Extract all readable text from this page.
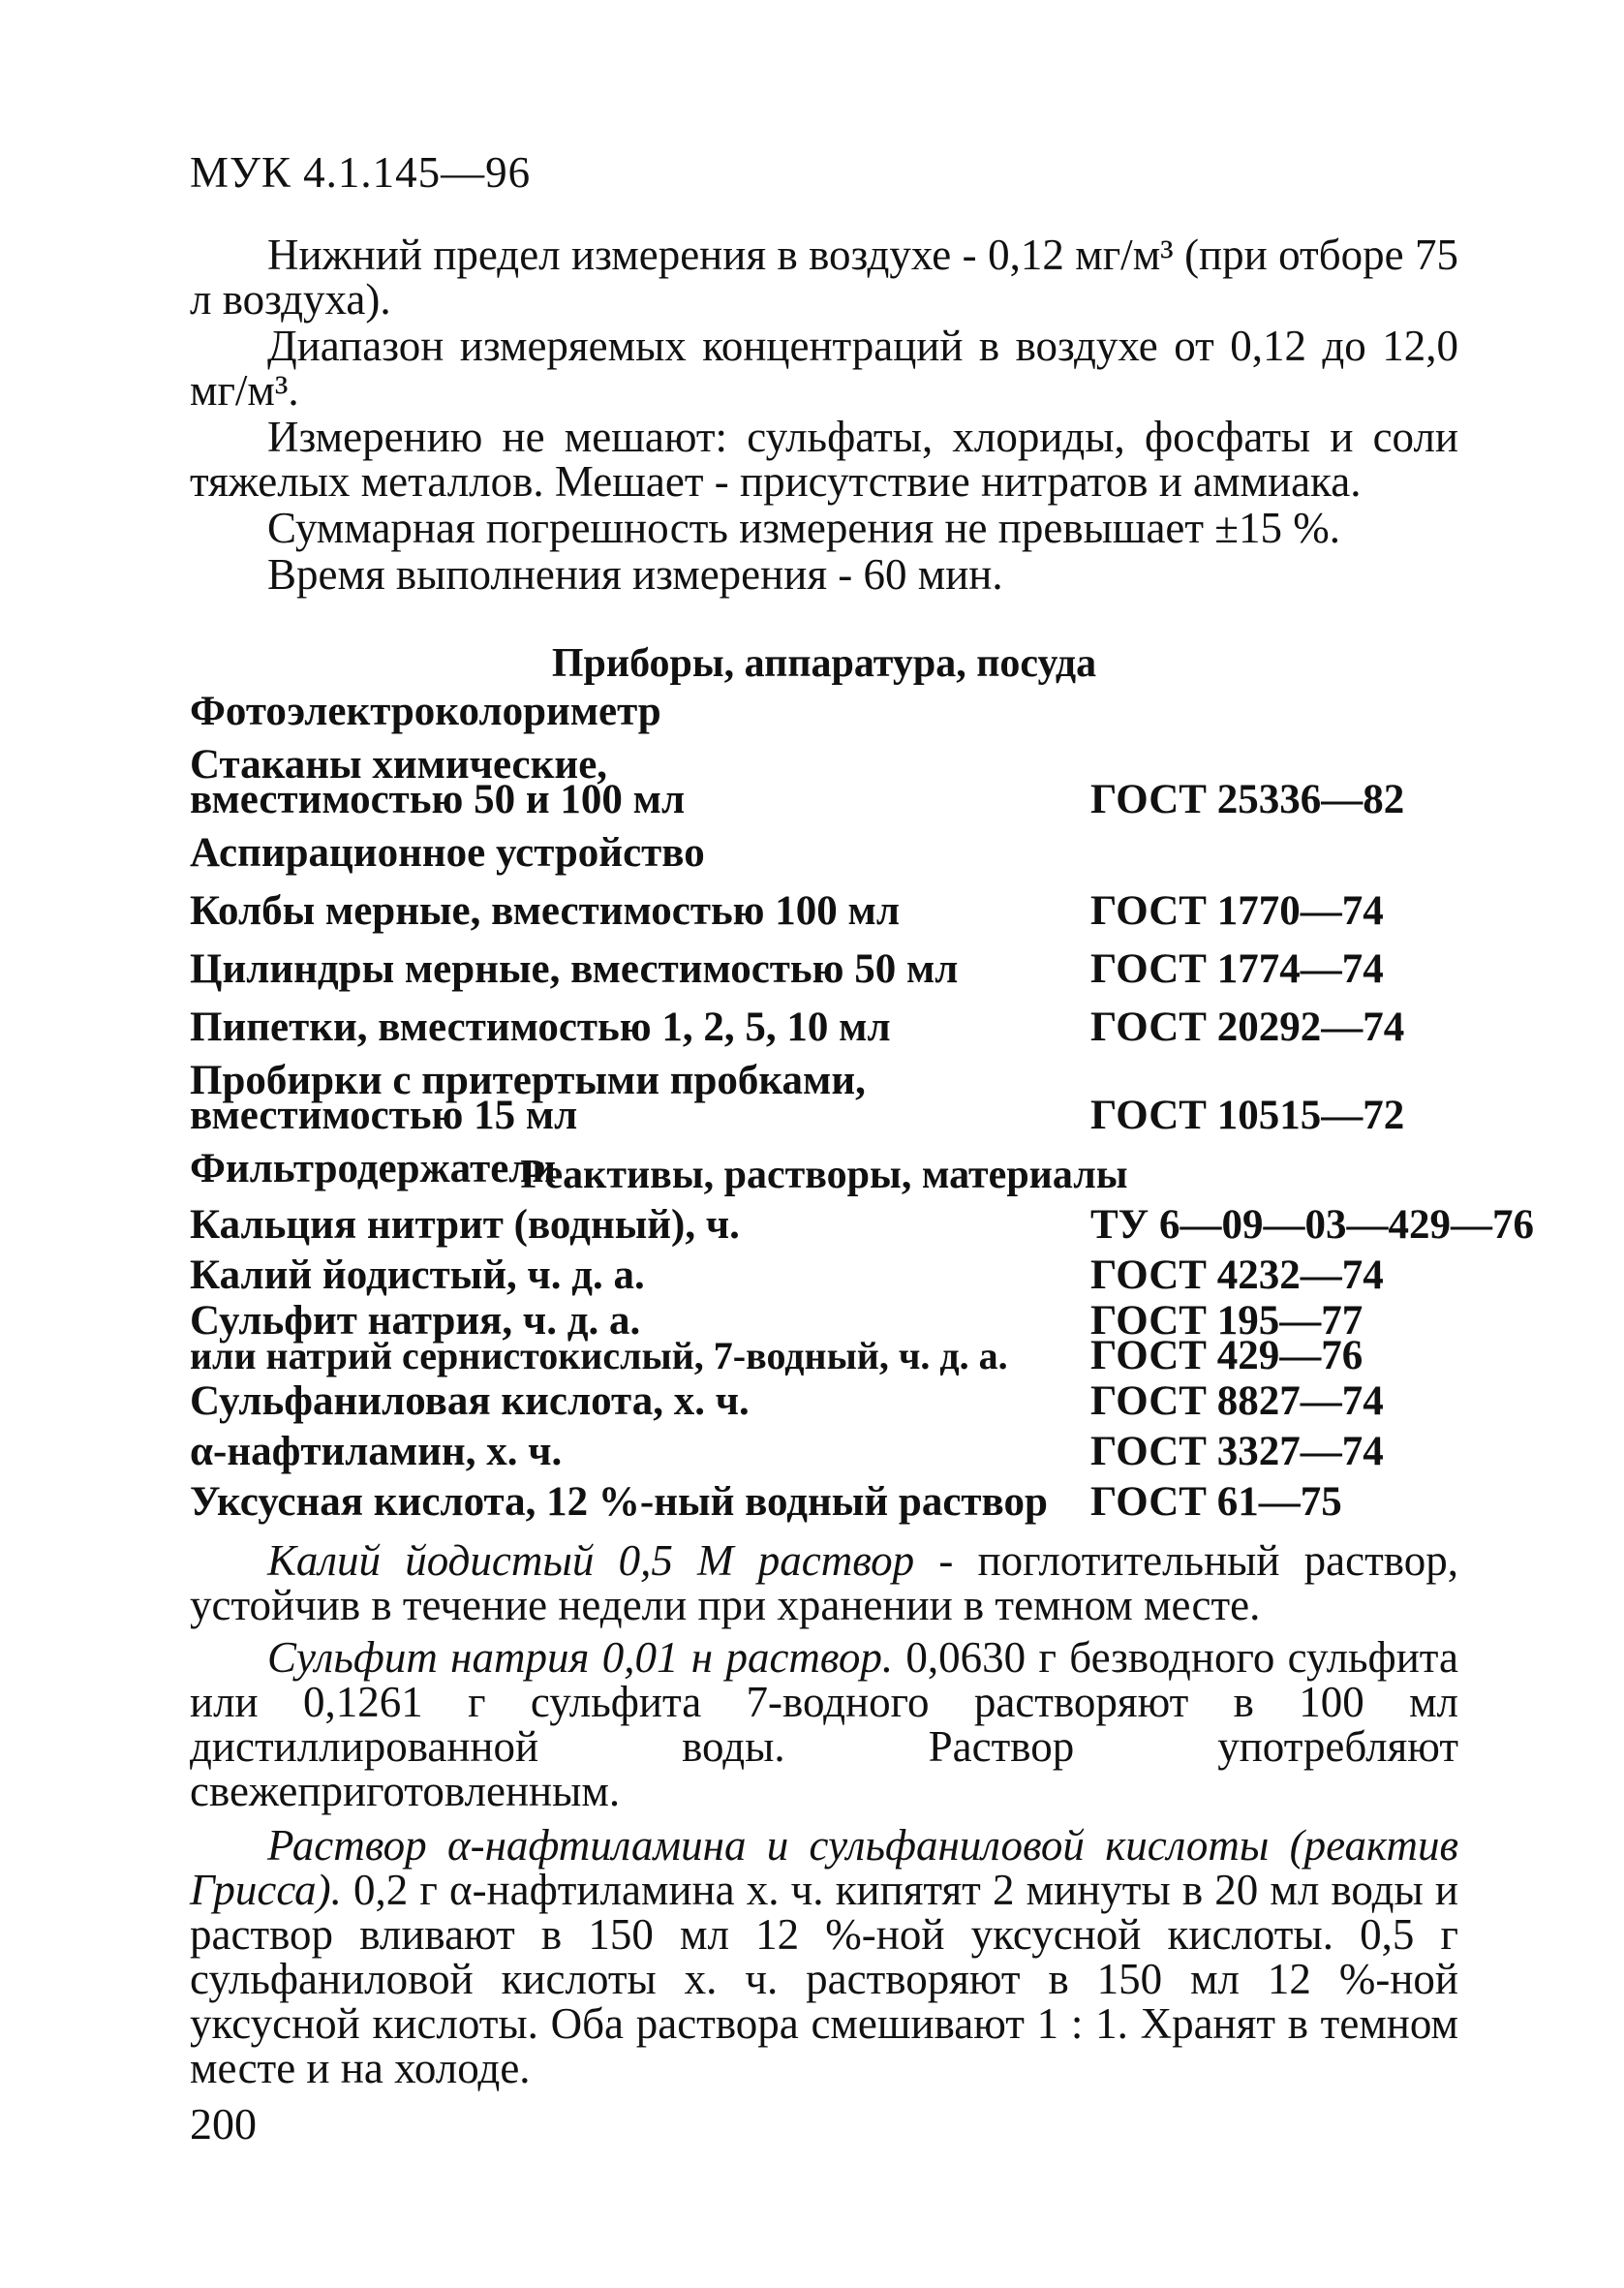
МУК 4.1.145—96
Нижний предел измерения в воздухе - 0,12 мг/м³ (при отборе 75 л воздуха).
Диапазон измеряемых концентраций в воздухе от 0,12 до 12,0 мг/м³.
Измерению не мешают: сульфаты, хлориды, фосфаты и соли тяжелых металлов. Мешает - присутствие нитратов и аммиака.
Суммарная погрешность измерения не превышает ±15 %.
Время выполнения измерения - 60 мин.
Приборы, аппаратура, посуда
Фотоэлектроколориметр
Стаканы химические, вместимостью 50 и 100 мл	ГОСТ 25336—82
Аспирационное устройство
Колбы мерные, вместимостью 100 мл	ГОСТ 1770—74
Цилиндры мерные, вместимостью 50 мл	ГОСТ 1774—74
Пипетки, вместимостью 1, 2, 5, 10 мл	ГОСТ 20292—74
Пробирки с притертыми пробками, вместимостью 15 мл	ГОСТ 10515—72
Фильтродержатели
Реактивы, растворы, материалы
Кальция нитрит (водный), ч.	ТУ 6—09—03—429—76
Калий йодистый, ч. д. а.	ГОСТ 4232—74
Сульфит натрия, ч. д. а.	ГОСТ 195—77
или натрий сернистокислый, 7-водный, ч. д. а.	ГОСТ 429—76
Сульфаниловая кислота, х. ч.	ГОСТ 8827—74
α-нафтиламин, х. ч.	ГОСТ 3327—74
Уксусная кислота, 12 %-ный водный раствор	ГОСТ 61—75
Калий йодистый 0,5 М раствор - поглотительный раствор, устойчив в течение недели при хранении в темном месте.
Сульфит натрия 0,01 н раствор. 0,0630 г безводного сульфита или 0,1261 г сульфита 7-водного растворяют в 100 мл дистиллированной воды. Раствор употребляют свежеприготовленным.
Раствор α-нафтиламина и сульфаниловой кислоты (реактив Грисса). 0,2 г α-нафтиламина х. ч. кипятят 2 минуты в 20 мл воды и раствор вливают в 150 мл 12 %-ной уксусной кислоты. 0,5 г сульфаниловой кислоты х. ч. растворяют в 150 мл 12 %-ной уксусной кислоты. Оба раствора смешивают 1 : 1. Хранят в темном месте и на холоде.
200
